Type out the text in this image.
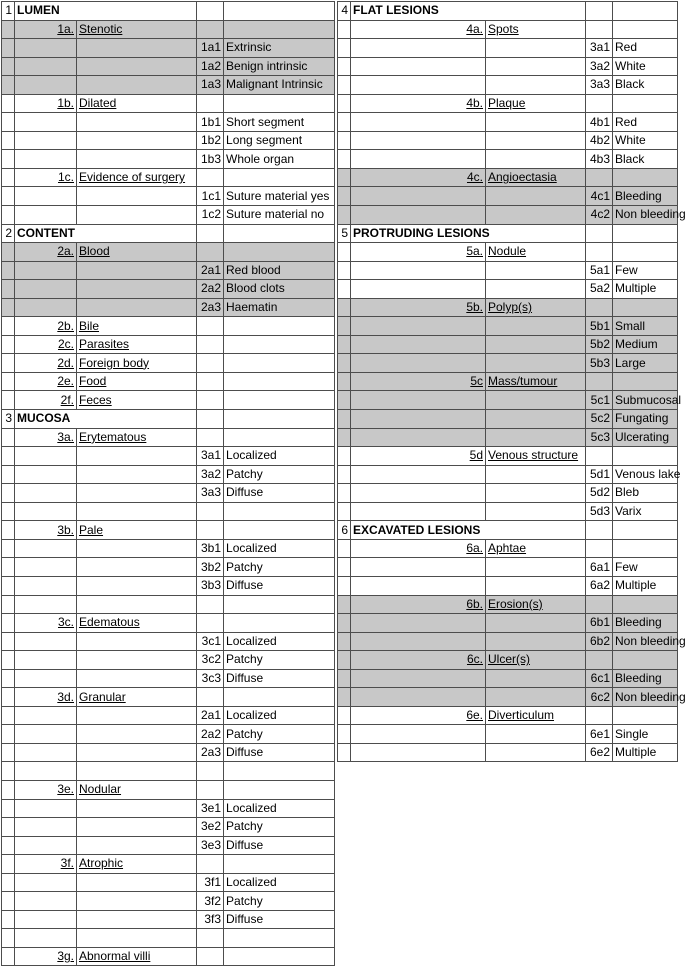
1	LUMEN			
	1a.	Stenotic		
			1a1	Extrinsic
			1a2	Benign intrinsic
			1a3	Malignant Intrinsic
	1b.	Dilated		
			1b1	Short segment
			1b2	Long segment
			1b3	Whole organ
	1c.	Evidence of surgery		
			1c1	Suture material yes
			1c2	Suture material no
2	CONTENT			
	2a.	Blood		
			2a1	Red blood
			2a2	Blood clots
			2a3	Haematin
	2b.	Bile		
	2c.	Parasites		
	2d.	Foreign body		
	2e.	Food		
	2f.	Feces		
3	MUCOSA			
	3a.	Erytematous		
			3a1	Localized
			3a2	Patchy
			3a3	Diffuse

	3b.	Pale		
			3b1	Localized
			3b2	Patchy
			3b3	Diffuse

	3c.	Edematous		
			3c1	Localized
			3c2	Patchy
			3c3	Diffuse
	3d.	Granular		
			2a1	Localized
			2a2	Patchy
			2a3	Diffuse

	3e.	Nodular		
			3e1	Localized
			3e2	Patchy
			3e3	Diffuse
	3f.	Atrophic		
			3f1	Localized
			3f2	Patchy
			3f3	Diffuse

	3g.	Abnormal villi		
4	FLAT LESIONS			
	4a.	Spots		
			3a1	Red
			3a2	White
			3a3	Black
	4b.	Plaque		
			4b1	Red
			4b2	White
			4b3	Black
	4c.	Angioectasia		
			4c1	Bleeding
			4c2	Non bleeding
5	PROTRUDING LESIONS			
	5a.	Nodule		
			5a1	Few
			5a2	Multiple
	5b.	Polyp(s)		
			5b1	Small
			5b2	Medium
			5b3	Large
	5c	Mass/tumour		
			5c1	Submucosal
			5c2	Fungating
			5c3	Ulcerating
	5d	Venous structure		
			5d1	Venous lake
			5d2	Bleb
			5d3	Varix
6	EXCAVATED LESIONS			
	6a.	Aphtae		
			6a1	Few
			6a2	Multiple
	6b.	Erosion(s)		
			6b1	Bleeding
			6b2	Non bleeding
	6c.	Ulcer(s)		
			6c1	Bleeding
			6c2	Non bleeding
	6e.	Diverticulum		
			6e1	Single
			6e2	Multiple
